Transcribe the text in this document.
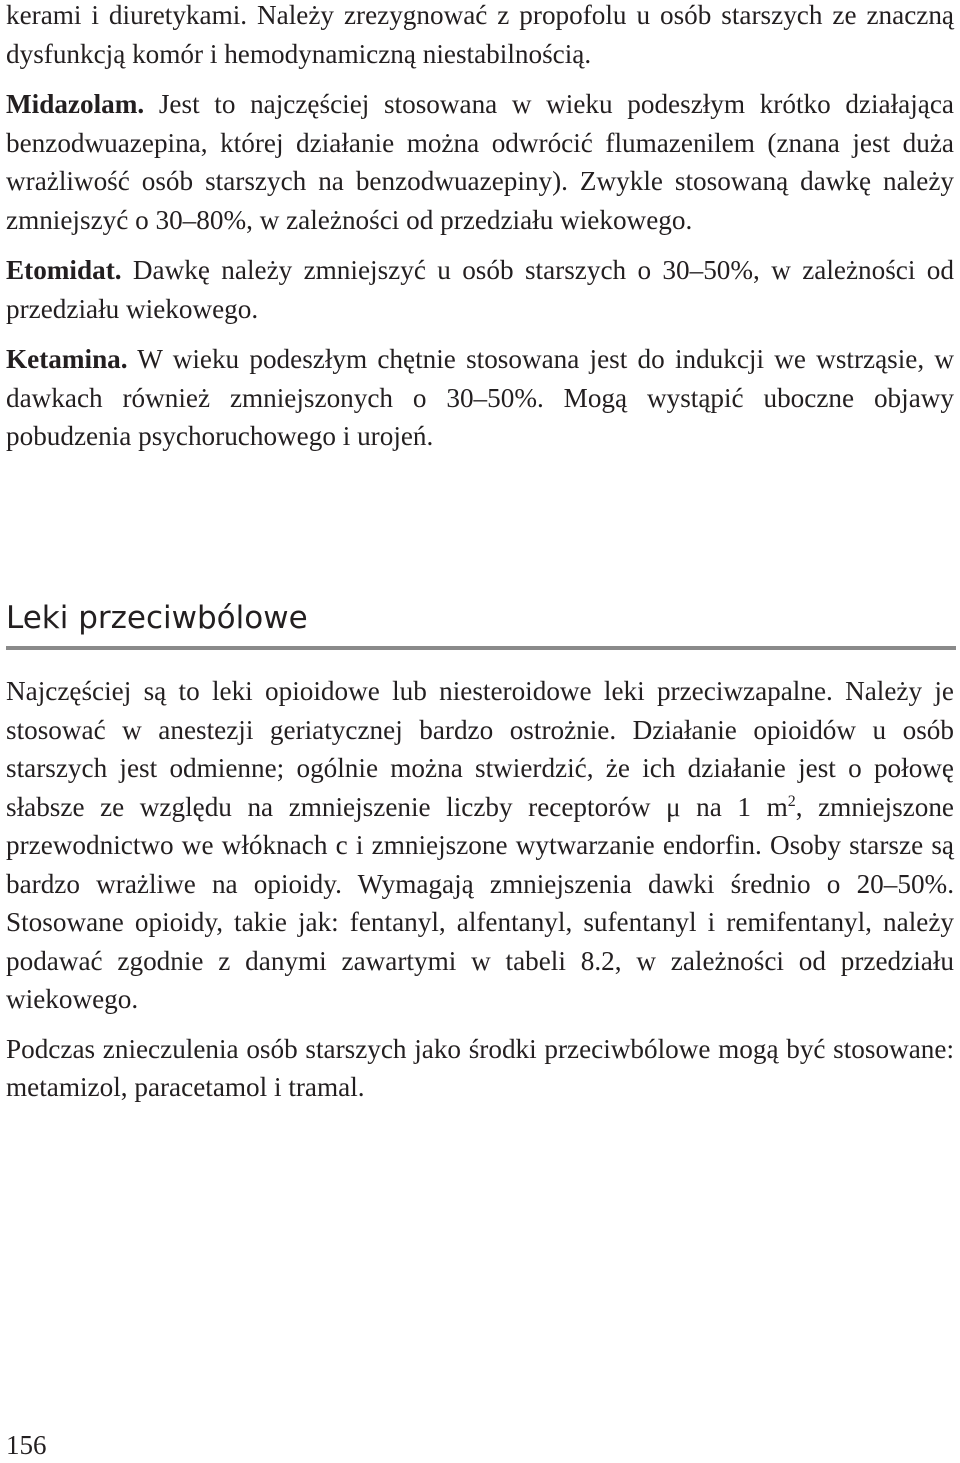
kerami i diuretykami. Należy zrezygnować z propofolu u osób starszych ze znaczną dysfunkcją komór i hemodynamiczną niestabilnością.

Midazolam. Jest to najczęściej stosowana w wieku podeszłym krótko działająca benzodwuazepina, której działanie można odwrócić flumazenilem (znana jest duża wrażliwość osób starszych na benzodwuazepiny). Zwykle stosowaną dawkę należy zmniejszyć o 30–80%, w zależności od przedziału wiekowego.

Etomidat. Dawkę należy zmniejszyć u osób starszych o 30–50%, w zależności od przedziału wiekowego.

Ketamina. W wieku podeszłym chętnie stosowana jest do indukcji we wstrząsie, w dawkach również zmniejszonych o 30–50%. Mogą wystąpić uboczne objawy pobudzenia psychoruchowego i urojeń.

Leki przeciwbólowe

Najczęściej są to leki opioidowe lub niesteroidowe leki przeciwzapalne. Należy je stosować w anestezji geriatycznej bardzo ostrożnie. Działanie opioidów u osób starszych jest odmienne; ogólnie można stwierdzić, że ich działanie jest o połowę słabsze ze względu na zmniejszenie liczby receptorów μ na 1 $m^2$, zmniejszone przewodnictwo we włóknach c i zmniejszone wytwarzanie endorfin. Osoby starsze są bardzo wrażliwe na opioidy. Wymagają zmniejszenia dawki średnio o 20–50%. Stosowane opioidy, takie jak: fentanyl, alfentanyl, sufentanyl i remifentanyl, należy podawać zgodnie z danymi zawartymi w tabeli 8.2, w zależności od przedziału wiekowego.

Podczas znieczulenia osób starszych jako środki przeciwbólowe mogą być stosowane: metamizol, paracetamol i tramal.

156
